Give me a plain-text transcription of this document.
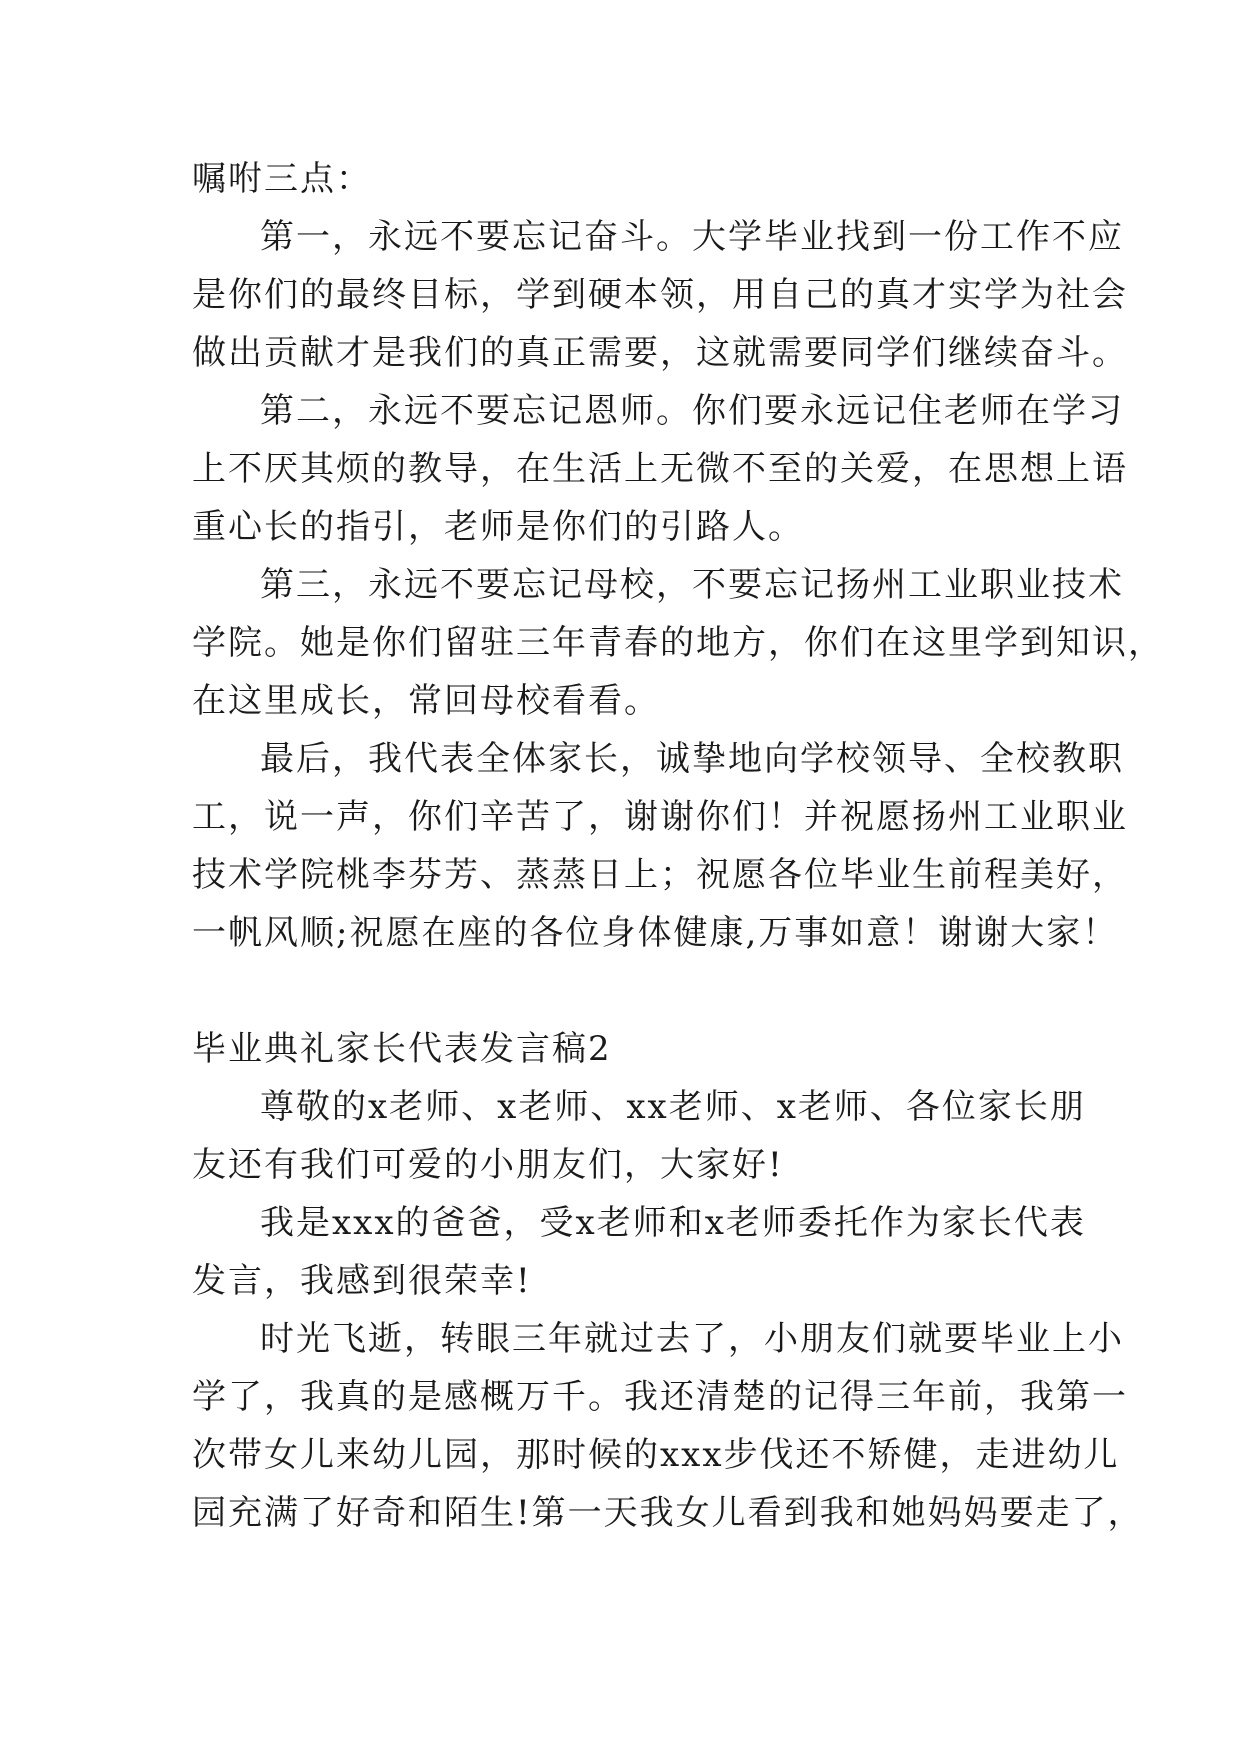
嘱咐三点：
第一，永远不要忘记奋斗。大学毕业找到一份工作不应
是你们的最终目标，学到硬本领，用自己的真才实学为社会
做出贡献才是我们的真正需要，这就需要同学们继续奋斗。
第二，永远不要忘记恩师。你们要永远记住老师在学习
上不厌其烦的教导，在生活上无微不至的关爱，在思想上语
重心长的指引，老师是你们的引路人。
第三，永远不要忘记母校，不要忘记扬州工业职业技术
学院。她是你们留驻三年青春的地方，你们在这里学到知识，
在这里成长，常回母校看看。
最后，我代表全体家长，诚挚地向学校领导、全校教职
工，说一声，你们辛苦了，谢谢你们！并祝愿扬州工业职业
技术学院桃李芬芳、蒸蒸日上；祝愿各位毕业生前程美好，
一帆风顺;祝愿在座的各位身体健康,万事如意！谢谢大家！
毕业典礼家长代表发言稿2
尊敬的x老师、x老师、xx老师、x老师、各位家长朋
友还有我们可爱的小朋友们，大家好!
我是xxx的爸爸，受x老师和x老师委托作为家长代表
发言，我感到很荣幸!
时光飞逝，转眼三年就过去了，小朋友们就要毕业上小
学了，我真的是感概万千。我还清楚的记得三年前，我第一
次带女儿来幼儿园，那时候的xxx步伐还不矫健，走进幼儿
园充满了好奇和陌生!第一天我女儿看到我和她妈妈要走了，
